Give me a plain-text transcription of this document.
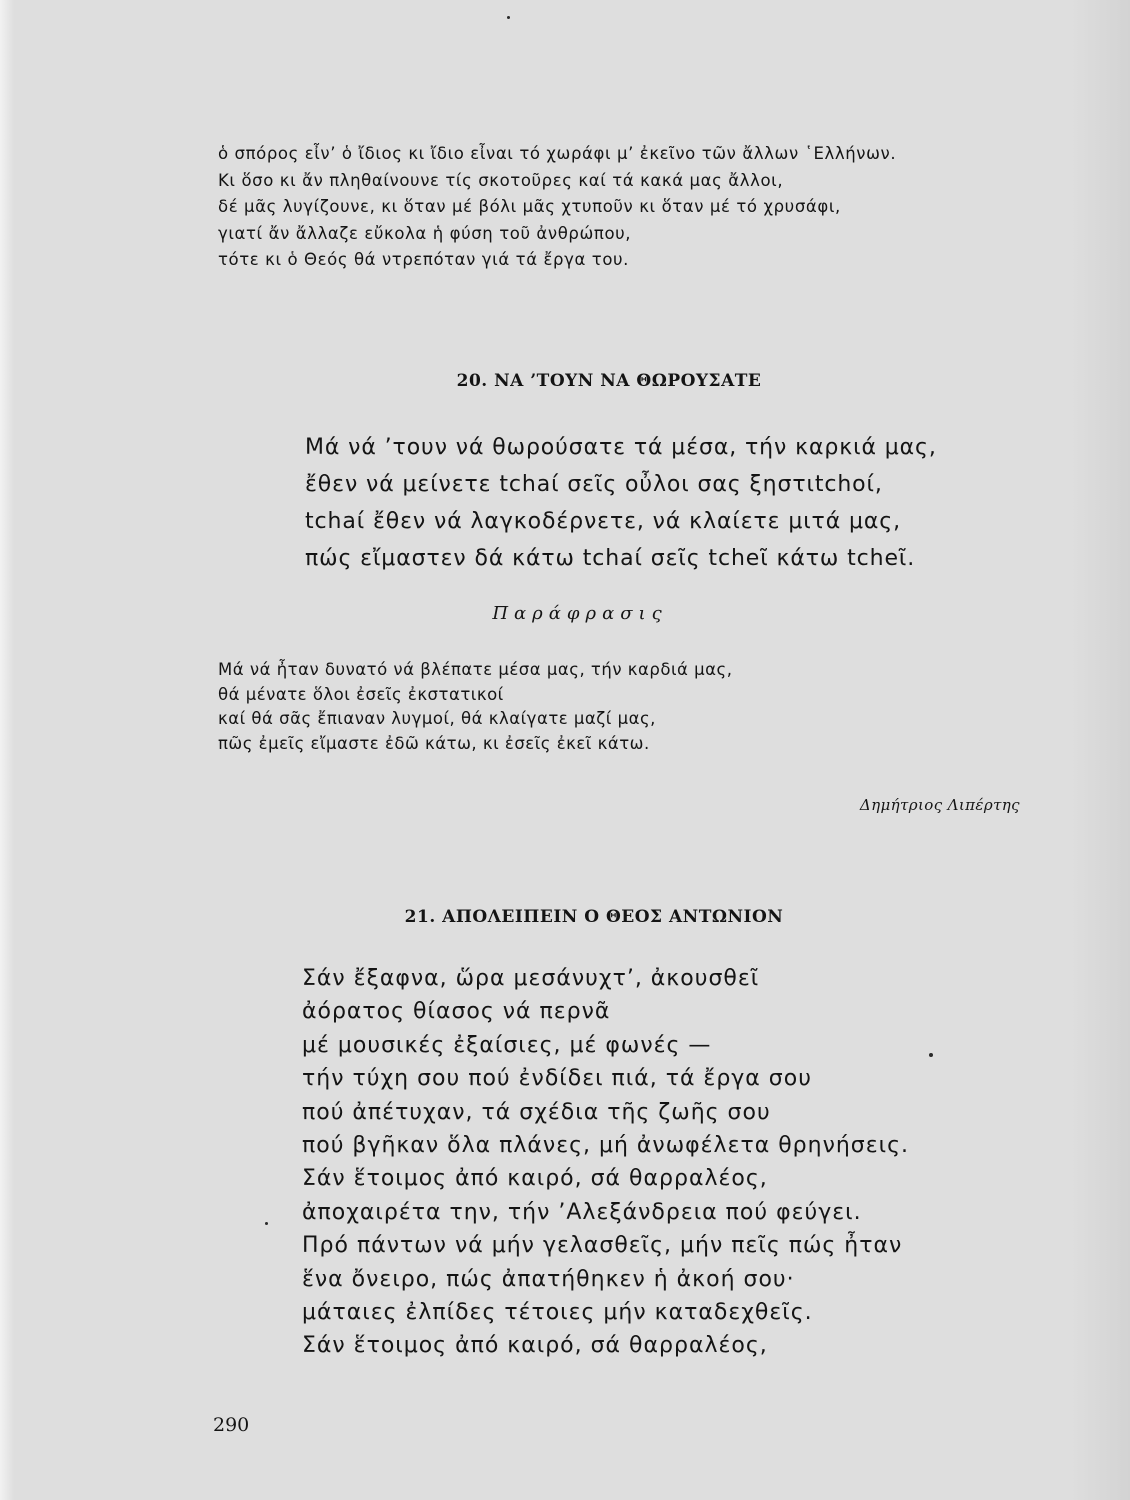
ὁ σπόρος εἶν’ ὁ ἴδιος κι ἴδιο εἶναι τό χωράφι μ’ ἐκεῖνο τῶν ἄλλων ῾Ελλήνων.
Κι ὅσο κι ἄν πληθαίνουνε τίς σκοτοῦρες καί τά κακά μας ἄλλοι,
δέ μᾶς λυγίζουνε, κι ὅταν μέ βόλι μᾶς χτυποῦν κι ὅταν μέ τό χρυσάφι,
γιατί ἄν ἄλλαζε εὔκολα ἡ φύση τοῦ ἀνθρώπου,
τότε κι ὁ Θεός θά ντρεπόταν γιά τά ἔργα του.
20. ΝΑ ’ΤΟΥΝ ΝΑ ΘΩΡΟΥΣΑΤΕ
Μά νά ’τουν νά θωρούσατε τά μέσα, τήν καρκιά μας,
ἔθεν νά μείνετε tchaί σεῖς οὖλοι σας ξηστιtchoί,
tchaί ἔθεν νά λαγκοδέρνετε, νά κλαίετε μιτά μας,
πώς εἴμαστεν δά κάτω tchaί σεῖς tcheῖ κάτω tcheῖ.
Παράφρασις
Μά νά ἦταν δυνατό νά βλέπατε μέσα μας, τήν καρδιά μας,
θά μένατε ὅλοι ἐσεῖς ἐκστατικοί
καί θά σᾶς ἔπιαναν λυγμοί, θά κλαίγατε μαζί μας,
πῶς ἐμεῖς εἴμαστε ἐδῶ κάτω, κι ἐσεῖς ἐκεῖ κάτω.
Δημήτριος Λιπέρτης
21. ΑΠΟΛΕΙΠΕΙΝ Ο ΘΕΟΣ ΑΝΤΩΝΙΟΝ
Σάν ἔξαφνα, ὥρα μεσάνυχτ’, ἀκουσθεῖ
ἀόρατος θίασος νά περνᾶ
μέ μουσικές ἐξαίσιες, μέ φωνές —
τήν τύχη σου πού ἐνδίδει πιά, τά ἔργα σου
πού ἀπέτυχαν, τά σχέδια τῆς ζωῆς σου
πού βγῆκαν ὅλα πλάνες, μή ἀνωφέλετα θρηνήσεις.
Σάν ἕτοιμος ἀπό καιρό, σά θαρραλέος,
ἀποχαιρέτα την, τήν ’Αλεξάνδρεια πού φεύγει.
Πρό πάντων νά μήν γελασθεῖς, μήν πεῖς πώς ἦταν
ἕνα ὄνειρο, πώς ἀπατήθηκεν ἡ ἀκοή σου·
μάταιες ἐλπίδες τέτοιες μήν καταδεχθεῖς.
Σάν ἕτοιμος ἀπό καιρό, σά θαρραλέος,
290
